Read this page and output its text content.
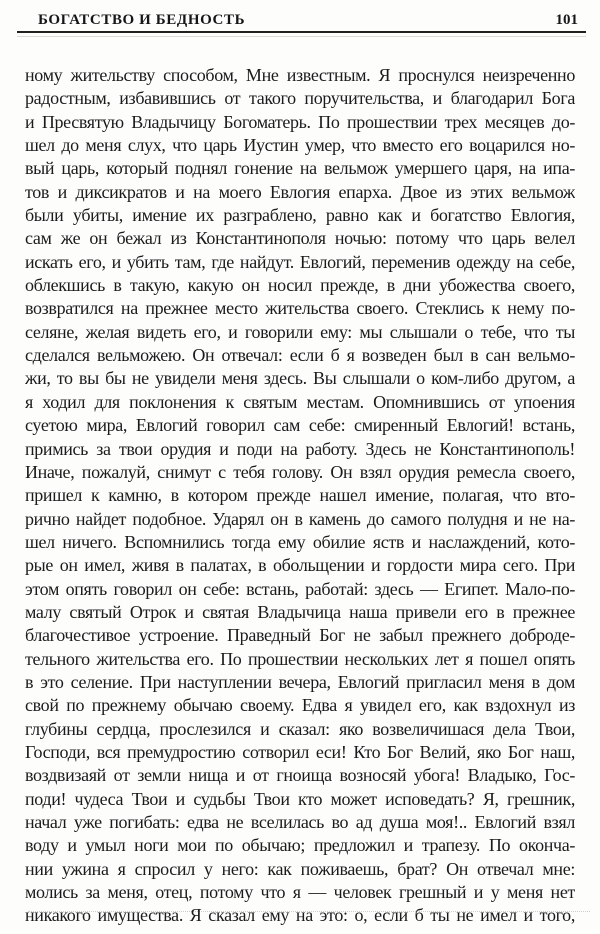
БОГАТСТВО И БЕДНОСТЬ	101
ному жительству способом, Мне известным. Я проснулся неизреченно
радостным, избавившись от такого поручительства, и благодарил Бога
и Пресвятую Владычицу Богоматерь. По прошествии трех месяцев до-
шел до меня слух, что царь Иустин умер, что вместо его воцарился но-
вый царь, который поднял гонение на вельмож умершего царя, на ипа-
тов и диксикратов и на моего Евлогия епарха. Двое из этих вельмож
были убиты, имение их разграблено, равно как и богатство Евлогия,
сам же он бежал из Константинополя ночью: потому что царь велел
искать его, и убить там, где найдут. Евлогий, переменив одежду на себе,
облекшись в такую, какую он носил прежде, в дни убожества своего,
возвратился на прежнее место жительства своего. Стеклись к нему по-
селяне, желая видеть его, и говорили ему: мы слышали о тебе, что ты
сделался вельможею. Он отвечал: если б я возведен был в сан вельмо-
жи, то вы бы не увидели меня здесь. Вы слышали о ком-либо другом, а
я ходил для поклонения к святым местам. Опомнившись от упоения
суетою мира, Евлогий говорил сам себе: смиренный Евлогий! встань,
примись за твои орудия и поди на работу. Здесь не Константинополь!
Иначе, пожалуй, снимут с тебя голову. Он взял орудия ремесла своего,
пришел к камню, в котором прежде нашел имение, полагая, что вто-
рично найдет подобное. Ударял он в камень до самого полудня и не на-
шел ничего. Вспомнились тогда ему обилие яств и наслаждений, кото-
рые он имел, живя в палатах, в обольщении и гордости мира сего. При
этом опять говорил он себе: встань, работай: здесь — Египет. Мало-по-
малу святый Отрок и святая Владычица наша привели его в прежнее
благочестивое устроение. Праведный Бог не забыл прежнего доброде-
тельного жительства его. По прошествии нескольких лет я пошел опять
в это селение. При наступлении вечера, Евлогий пригласил меня в дом
свой по прежнему обычаю своему. Едва я увидел его, как вздохнул из
глубины сердца, прослезился и сказал: яко возвеличишася дела Твои,
Господи, вся премудростию сотворил еси! Кто Бог Велий, яко Бог наш,
воздвизаяй от земли нища и от гноища возносяй убога! Владыко, Гос-
поди! чудеса Твои и судьбы Твои кто может исповедать? Я, грешник,
начал уже погибать: едва не вселилась во ад душа моя!.. Евлогий взял
воду и умыл ноги мои по обычаю; предложил и трапезу. По оконча-
нии ужина я спросил у него: как поживаешь, брат? Он отвечал мне:
молись за меня, отец, потому что я — человек грешный и у меня нет
никакого имущества. Я сказал ему на это: о, если б ты не имел и того,
